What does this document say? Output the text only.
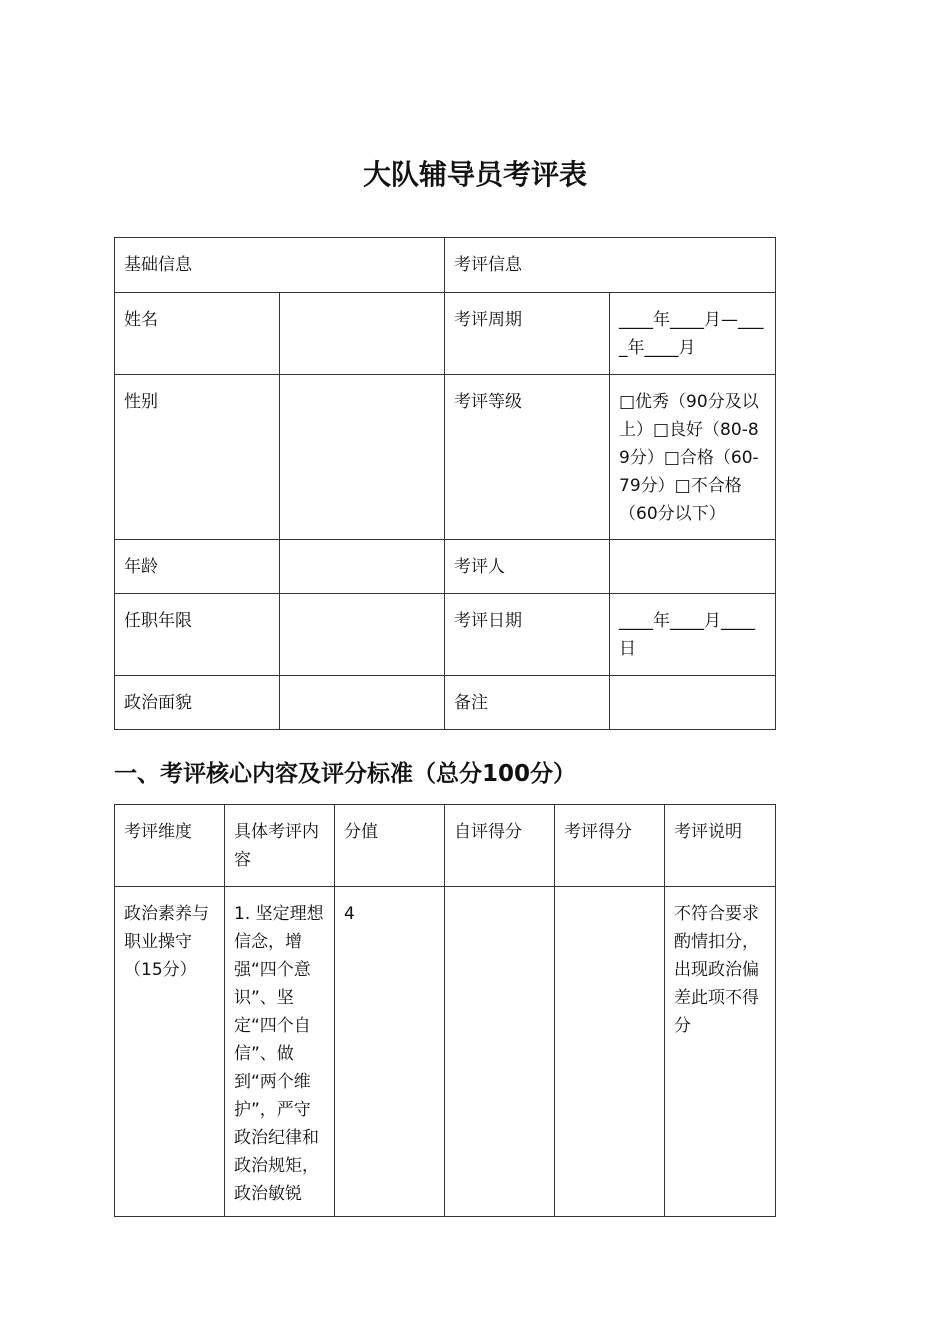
大队辅导员考评表
基础信息		考评信息	
姓名		考评周期	____年____月—____年____月
性别		考评等级	□优秀（90分及以上）□良好（80-89分）□合格（60-79分）□不合格（60分以下）
年龄		考评人	
任职年限		考评日期	____年____月____日
政治面貌		备注	
一、考评核心内容及评分标准（总分100分）
考评维度	具体考评内容	分值	自评得分	考评得分	考评说明
政治素养与职业操守（15分）	1. 坚定理想信念，增强“四个意识”、坚定“四个自信”、做到“两个维护”，严守政治纪律和政治规矩，政治敏锐	4			不符合要求酌情扣分，出现政治偏差此项不得分
